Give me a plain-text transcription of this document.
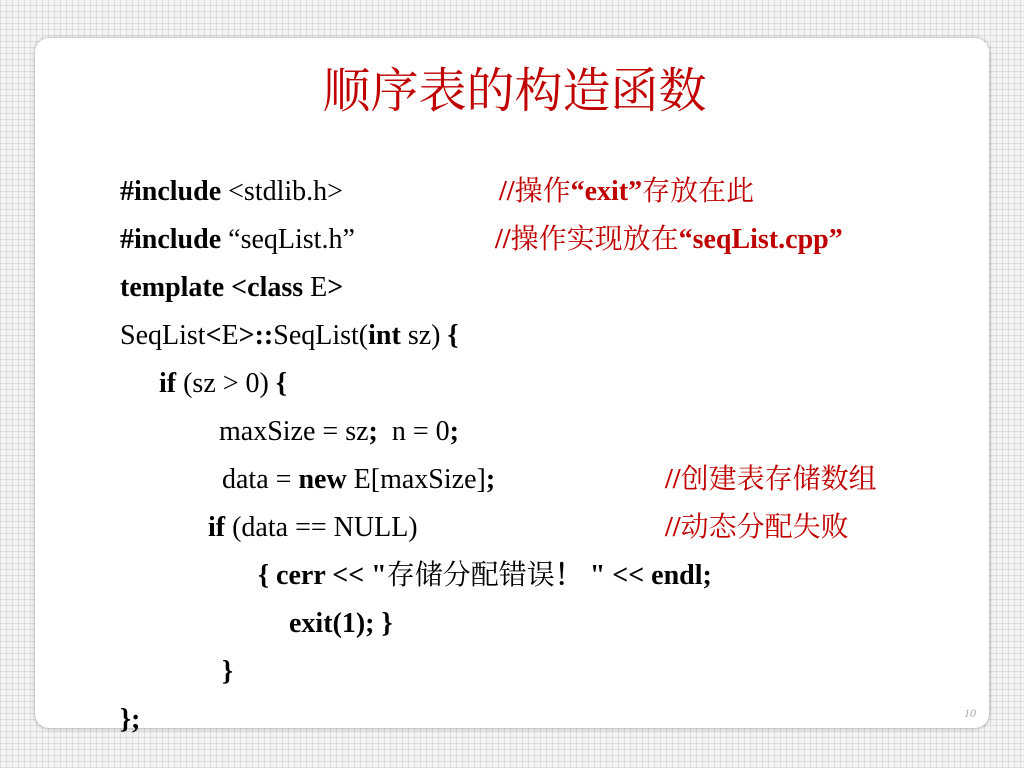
顺序表的构造函数

#include <stdlib.h>	//操作“exit”存放在此

#include “seqList.h”	//操作实现放在“seqList.cpp”

template <class E>

SeqList<E>::SeqList(int sz) {

if (sz > 0) {

maxSize = sz;  n = 0;

data = new E[maxSize];	//创建表存储数组

if (data == NULL)	//动态分配失败

{ cerr << "存储分配错误！ " << endl;

exit(1); }

}

};	10
